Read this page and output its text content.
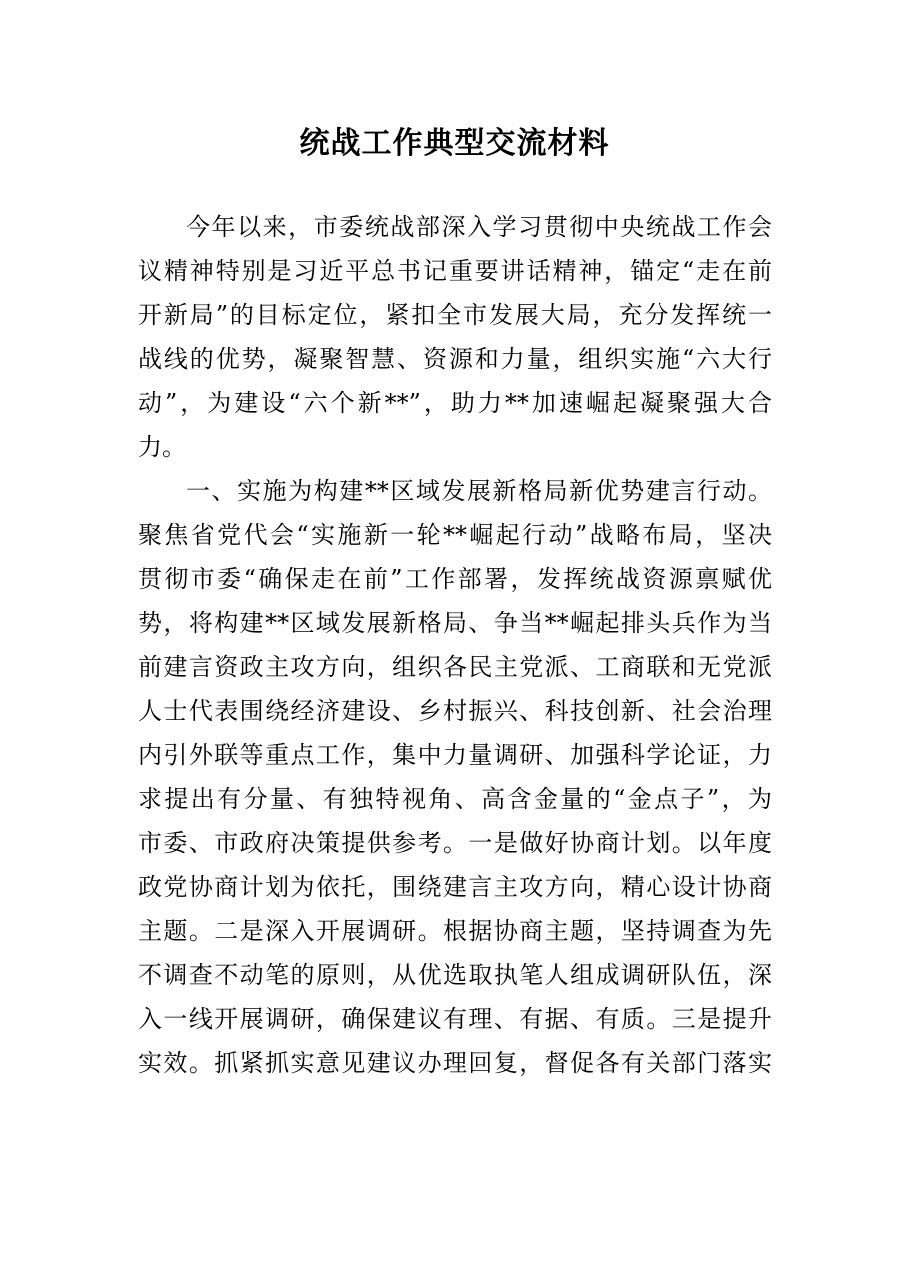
统战工作典型交流材料
今年以来，市委统战部深入学习贯彻中央统战工作会
议精神特别是习近平总书记重要讲话精神，锚定“走在前
开新局”的目标定位，紧扣全市发展大局，充分发挥统一
战线的优势，凝聚智慧、资源和力量，组织实施“六大行
动”，为建设“六个新**”，助力**加速崛起凝聚强大合
力。
一、实施为构建**区域发展新格局新优势建言行动。
聚焦省党代会“实施新一轮**崛起行动”战略布局，坚决
贯彻市委“确保走在前”工作部署，发挥统战资源禀赋优
势，将构建**区域发展新格局、争当**崛起排头兵作为当
前建言资政主攻方向，组织各民主党派、工商联和无党派
人士代表围绕经济建设、乡村振兴、科技创新、社会治理
内引外联等重点工作，集中力量调研、加强科学论证，力
求提出有分量、有独特视角、高含金量的“金点子”，为
市委、市政府决策提供参考。一是做好协商计划。以年度
政党协商计划为依托，围绕建言主攻方向，精心设计协商
主题。二是深入开展调研。根据协商主题，坚持调查为先
不调查不动笔的原则，从优选取执笔人组成调研队伍，深
入一线开展调研，确保建议有理、有据、有质。三是提升
实效。抓紧抓实意见建议办理回复，督促各有关部门落实
